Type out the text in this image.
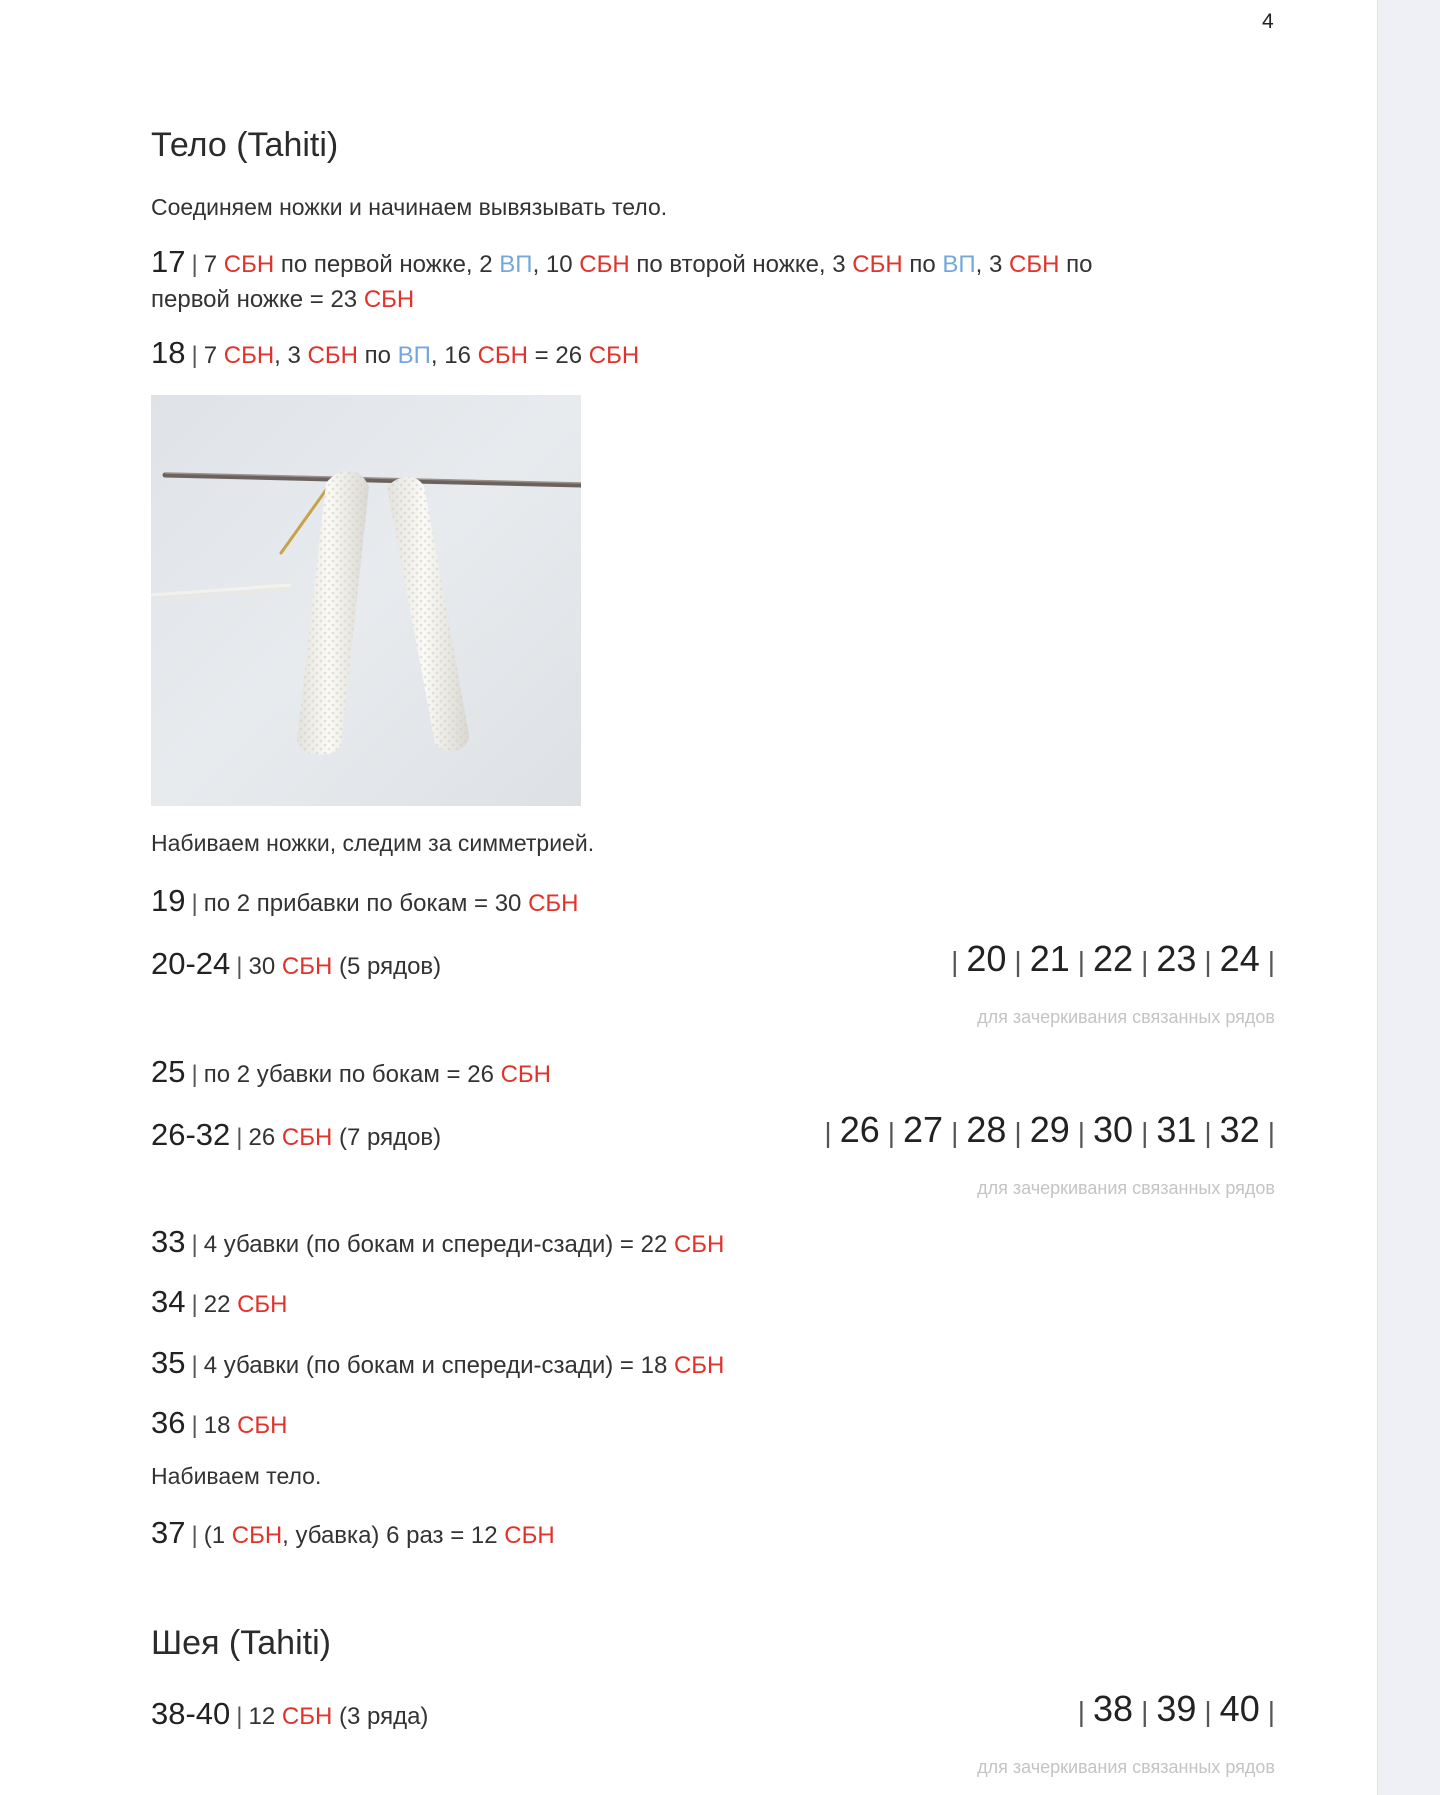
4
Тело (Tahiti)
Соединяем ножки и начинаем вывязывать тело.
17 | 7 СБН по первой ножке, 2 ВП, 10 СБН по второй ножке, 3 СБН по ВП, 3 СБН по
первой ножке = 23 СБН
18 | 7 СБН, 3 СБН по ВП, 16 СБН = 26 СБН
Набиваем ножки, следим за симметрией.
19 | по 2 прибавки по бокам = 30 СБН
20-24 | 30 СБН (5 рядов)	| 20 | 21 | 22 | 23 | 24 |
для зачеркивания связанных рядов
25 | по 2 убавки по бокам = 26 СБН
26-32 | 26 СБН (7 рядов)	| 26 | 27 | 28 | 29 | 30 | 31 | 32 |
для зачеркивания связанных рядов
33 | 4 убавки (по бокам и спереди-сзади) = 22 СБН
34 | 22 СБН
35 | 4 убавки (по бокам и спереди-сзади) = 18 СБН
36 | 18 СБН
Набиваем тело.
37 | (1 СБН, убавка) 6 раз = 12 СБН
Шея (Tahiti)
38-40 | 12 СБН (3 ряда)	| 38 | 39 | 40 |
для зачеркивания связанных рядов
